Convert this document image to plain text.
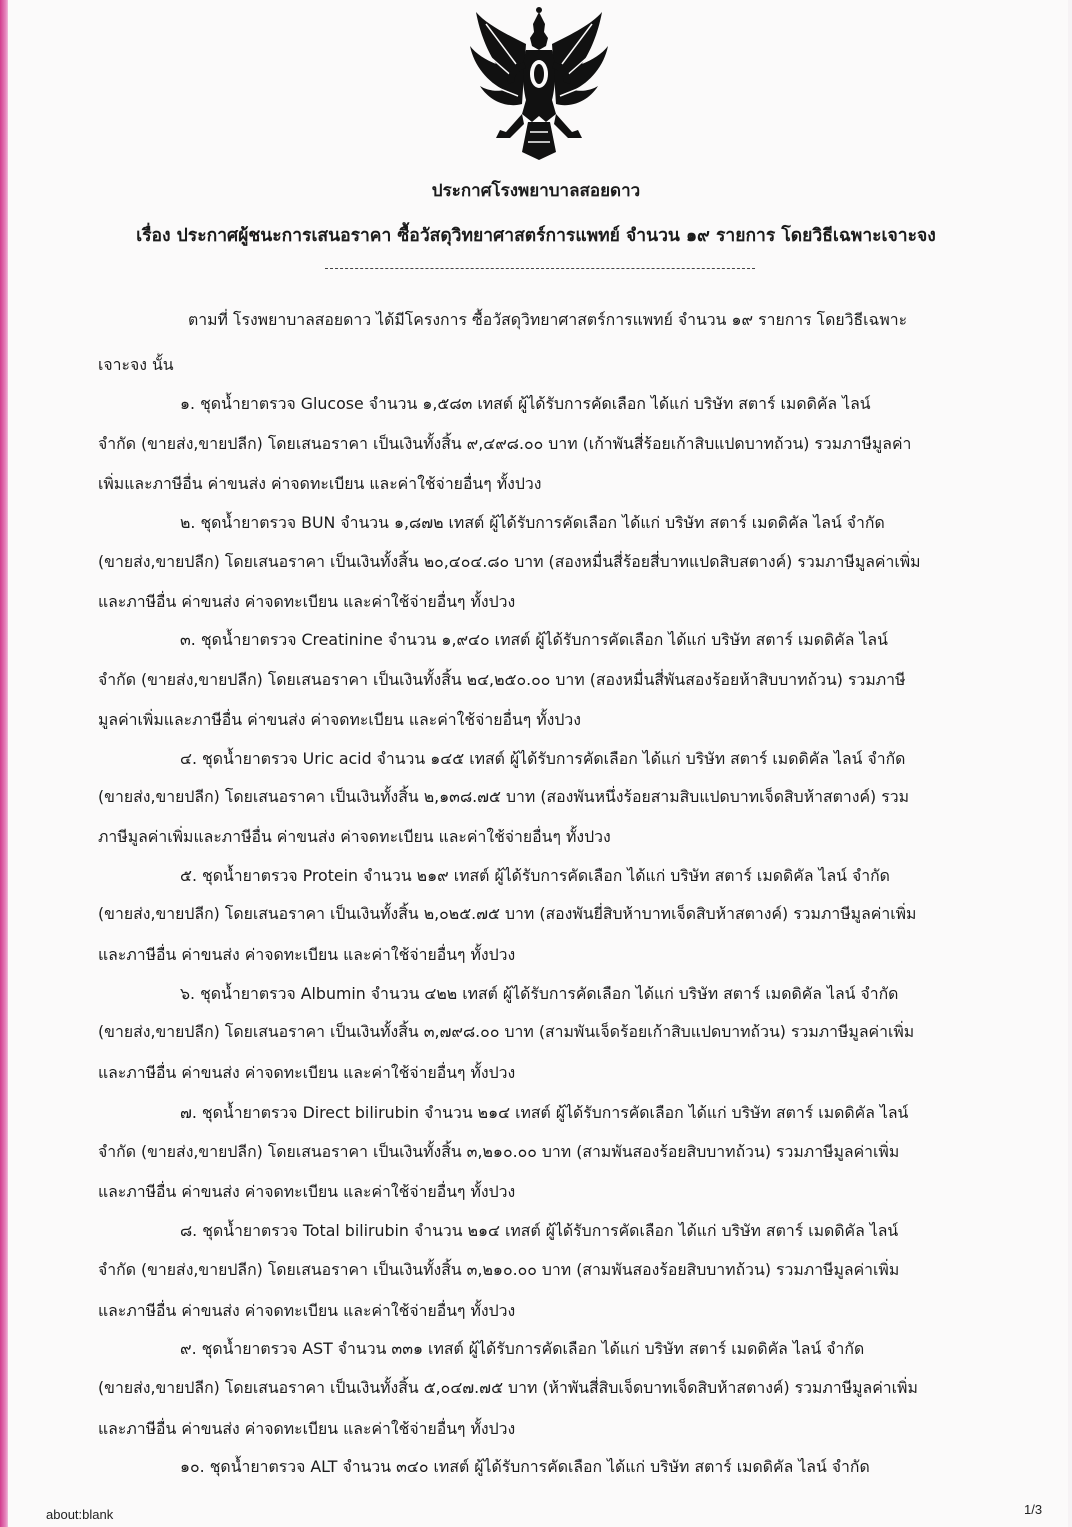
ประกาศโรงพยาบาลสอยดาว
เรื่อง ประกาศผู้ชนะการเสนอราคา ซื้อวัสดุวิทยาศาสตร์การแพทย์ จำนวน ๑๙ รายการ โดยวิธีเฉพาะเจาะจง
ตามที่ โรงพยาบาลสอยดาว ได้มีโครงการ ซื้อวัสดุวิทยาศาสตร์การแพทย์ จำนวน ๑๙ รายการ โดยวิธีเฉพาะ
เจาะจง นั้น
๑. ชุดน้ำยาตรวจ Glucose จำนวน ๑,๕๘๓ เทสต์ ผู้ได้รับการคัดเลือก ได้แก่ บริษัท สตาร์ เมดดิคัล ไลน์
จำกัด (ขายส่ง,ขายปลีก) โดยเสนอราคา เป็นเงินทั้งสิ้น ๙,๔๙๘.๐๐ บาท (เก้าพันสี่ร้อยเก้าสิบแปดบาทถ้วน) รวมภาษีมูลค่า
เพิ่มและภาษีอื่น ค่าขนส่ง ค่าจดทะเบียน และค่าใช้จ่ายอื่นๆ ทั้งปวง
๒. ชุดน้ำยาตรวจ BUN จำนวน ๑,๘๗๒ เทสต์ ผู้ได้รับการคัดเลือก ได้แก่ บริษัท สตาร์ เมดดิคัล ไลน์ จำกัด
(ขายส่ง,ขายปลีก) โดยเสนอราคา เป็นเงินทั้งสิ้น ๒๐,๔๐๔.๘๐ บาท (สองหมื่นสี่ร้อยสี่บาทแปดสิบสตางค์) รวมภาษีมูลค่าเพิ่ม
และภาษีอื่น ค่าขนส่ง ค่าจดทะเบียน และค่าใช้จ่ายอื่นๆ ทั้งปวง
๓. ชุดน้ำยาตรวจ Creatinine จำนวน ๑,๙๔๐ เทสต์ ผู้ได้รับการคัดเลือก ได้แก่ บริษัท สตาร์ เมดดิคัล ไลน์
จำกัด (ขายส่ง,ขายปลีก) โดยเสนอราคา เป็นเงินทั้งสิ้น ๒๔,๒๕๐.๐๐ บาท (สองหมื่นสี่พันสองร้อยห้าสิบบาทถ้วน) รวมภาษี
มูลค่าเพิ่มและภาษีอื่น ค่าขนส่ง ค่าจดทะเบียน และค่าใช้จ่ายอื่นๆ ทั้งปวง
๔. ชุดน้ำยาตรวจ Uric acid จำนวน ๑๔๕ เทสต์ ผู้ได้รับการคัดเลือก ได้แก่ บริษัท สตาร์ เมดดิคัล ไลน์ จำกัด
(ขายส่ง,ขายปลีก) โดยเสนอราคา เป็นเงินทั้งสิ้น ๒,๑๓๘.๗๕ บาท (สองพันหนึ่งร้อยสามสิบแปดบาทเจ็ดสิบห้าสตางค์) รวม
ภาษีมูลค่าเพิ่มและภาษีอื่น ค่าขนส่ง ค่าจดทะเบียน และค่าใช้จ่ายอื่นๆ ทั้งปวง
๕. ชุดน้ำยาตรวจ Protein จำนวน ๒๑๙ เทสต์ ผู้ได้รับการคัดเลือก ได้แก่ บริษัท สตาร์ เมดดิคัล ไลน์ จำกัด
(ขายส่ง,ขายปลีก) โดยเสนอราคา เป็นเงินทั้งสิ้น ๒,๐๒๕.๗๕ บาท (สองพันยี่สิบห้าบาทเจ็ดสิบห้าสตางค์) รวมภาษีมูลค่าเพิ่ม
และภาษีอื่น ค่าขนส่ง ค่าจดทะเบียน และค่าใช้จ่ายอื่นๆ ทั้งปวง
๖. ชุดน้ำยาตรวจ Albumin จำนวน ๔๒๒ เทสต์ ผู้ได้รับการคัดเลือก ได้แก่ บริษัท สตาร์ เมดดิคัล ไลน์ จำกัด
(ขายส่ง,ขายปลีก) โดยเสนอราคา เป็นเงินทั้งสิ้น ๓,๗๙๘.๐๐ บาท (สามพันเจ็ดร้อยเก้าสิบแปดบาทถ้วน) รวมภาษีมูลค่าเพิ่ม
และภาษีอื่น ค่าขนส่ง ค่าจดทะเบียน และค่าใช้จ่ายอื่นๆ ทั้งปวง
๗. ชุดน้ำยาตรวจ Direct bilirubin จำนวน ๒๑๔ เทสต์ ผู้ได้รับการคัดเลือก ได้แก่ บริษัท สตาร์ เมดดิคัล ไลน์
จำกัด (ขายส่ง,ขายปลีก) โดยเสนอราคา เป็นเงินทั้งสิ้น ๓,๒๑๐.๐๐ บาท (สามพันสองร้อยสิบบาทถ้วน) รวมภาษีมูลค่าเพิ่ม
และภาษีอื่น ค่าขนส่ง ค่าจดทะเบียน และค่าใช้จ่ายอื่นๆ ทั้งปวง
๘. ชุดน้ำยาตรวจ Total bilirubin จำนวน ๒๑๔ เทสต์ ผู้ได้รับการคัดเลือก ได้แก่ บริษัท สตาร์ เมดดิคัล ไลน์
จำกัด (ขายส่ง,ขายปลีก) โดยเสนอราคา เป็นเงินทั้งสิ้น ๓,๒๑๐.๐๐ บาท (สามพันสองร้อยสิบบาทถ้วน) รวมภาษีมูลค่าเพิ่ม
และภาษีอื่น ค่าขนส่ง ค่าจดทะเบียน และค่าใช้จ่ายอื่นๆ ทั้งปวง
๙. ชุดน้ำยาตรวจ AST จำนวน ๓๓๑ เทสต์ ผู้ได้รับการคัดเลือก ได้แก่ บริษัท สตาร์ เมดดิคัล ไลน์ จำกัด
(ขายส่ง,ขายปลีก) โดยเสนอราคา เป็นเงินทั้งสิ้น ๕,๐๔๗.๗๕ บาท (ห้าพันสี่สิบเจ็ดบาทเจ็ดสิบห้าสตางค์) รวมภาษีมูลค่าเพิ่ม
และภาษีอื่น ค่าขนส่ง ค่าจดทะเบียน และค่าใช้จ่ายอื่นๆ ทั้งปวง
๑๐. ชุดน้ำยาตรวจ ALT จำนวน ๓๔๐ เทสต์ ผู้ได้รับการคัดเลือก ได้แก่ บริษัท สตาร์ เมดดิคัล ไลน์ จำกัด
about:blank	1/3
